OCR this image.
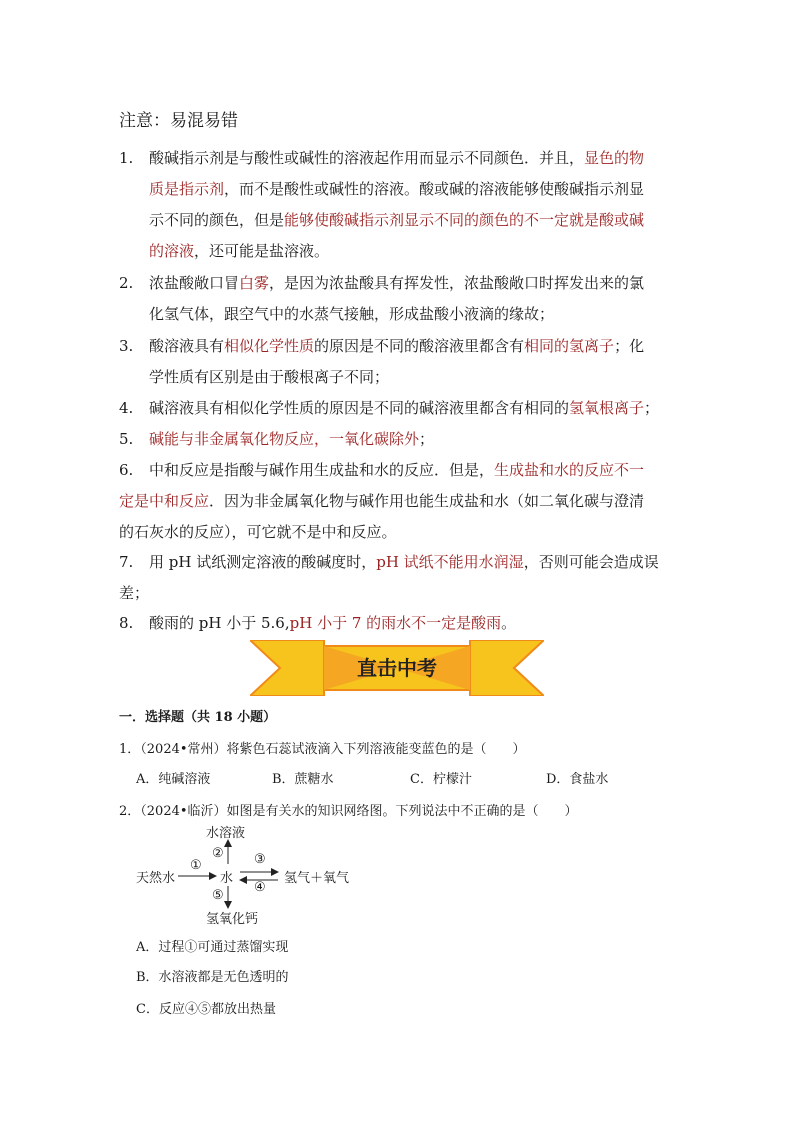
注意：易混易错
1. 酸碱指示剂是与酸性或碱性的溶液起作用而显示不同颜色．并且，显色的物
质是指示剂，而不是酸性或碱性的溶液。酸或碱的溶液能够使酸碱指示剂显
示不同的颜色，但是能够使酸碱指示剂显示不同的颜色的不一定就是酸或碱
的溶液，还可能是盐溶液。
2. 浓盐酸敞口冒白雾，是因为浓盐酸具有挥发性，浓盐酸敞口时挥发出来的氯
化氢气体，跟空气中的水蒸气接触，形成盐酸小液滴的缘故；
3. 酸溶液具有相似化学性质的原因是不同的酸溶液里都含有相同的氢离子；化
学性质有区别是由于酸根离子不同；
4. 碱溶液具有相似化学性质的原因是不同的碱溶液里都含有相同的氢氧根离子；
5. 碱能与非金属氧化物反应，一氧化碳除外；
6. 中和反应是指酸与碱作用生成盐和水的反应．但是，生成盐和水的反应不一
定是中和反应．因为非金属氧化物与碱作用也能生成盐和水（如二氧化碳与澄清
的石灰水的反应），可它就不是中和反应。
7. 用 pH 试纸测定溶液的酸碱度时，pH 试纸不能用水润湿，否则可能会造成误
差；
8. 酸雨的 pH 小于 5.6,pH 小于 7 的雨水不一定是酸雨。
直击中考
一．选择题（共 18 小题）
1．（2024•常州）将紫色石蕊试液滴入下列溶液能变蓝色的是（　　）
A．纯碱溶液	B．蔗糖水	C．柠檬汁	D．食盐水
2．（2024•临沂）如图是有关水的知识网络图。下列说法中不正确的是（　　）
水溶液
天然水	水	氢气＋氧气
氢氧化钙
①
② ③
④
⑤
A．过程①可通过蒸馏实现
B．水溶液都是无色透明的
C．反应④⑤都放出热量
